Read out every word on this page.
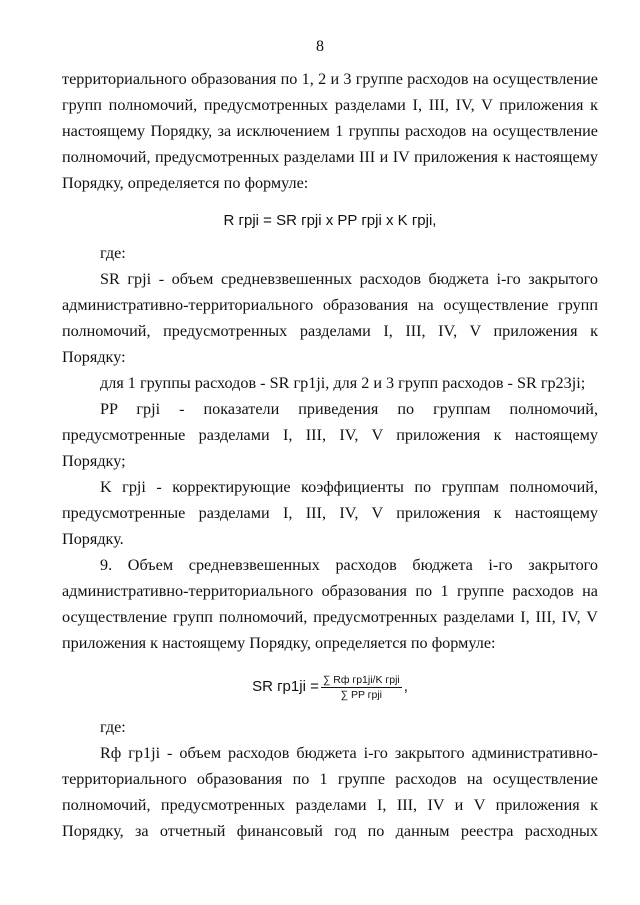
8
территориального образования по 1, 2 и 3 группе расходов на осуществление
групп полномочий, предусмотренных разделами I, III, IV, V приложения к
настоящему Порядку, за исключением 1 группы расходов на осуществление
полномочий, предусмотренных разделами III и IV приложения к настоящему
Порядку, определяется по формуле:
R грji = SR грji x PP грji x K грji,
где:
SR грji - объем средневзвешенных расходов бюджета i-го закрытого
административно-территориального образования на осуществление групп
полномочий, предусмотренных разделами I, III, IV, V приложения к
Порядку:
для 1 группы расходов - SR гр1ji, для 2 и 3 групп расходов - SR гр23ji;
PP грji - показатели приведения по группам полномочий,
предусмотренные разделами I, III, IV, V приложения к настоящему
Порядку;
K грji - корректирующие коэффициенты по группам полномочий,
предусмотренные разделами I, III, IV, V приложения к настоящему
Порядку.
9. Объем средневзвешенных расходов бюджета i-го закрытого
административно-территориального образования по 1 группе расходов на
осуществление групп полномочий, предусмотренных разделами I, III, IV, V
приложения к настоящему Порядку, определяется по формуле:
SR $гр1ji = \frac{\text{∑ Rф гр1ji/K грji}}{\text{∑ PP грji}}$ ,
где:
Rф гр1ji - объем расходов бюджета i-го закрытого административно-
территориального образования по 1 группе расходов на осуществление
полномочий, предусмотренных разделами I, III, IV и V приложения к
Порядку, за отчетный финансовый год по данным реестра расходных
